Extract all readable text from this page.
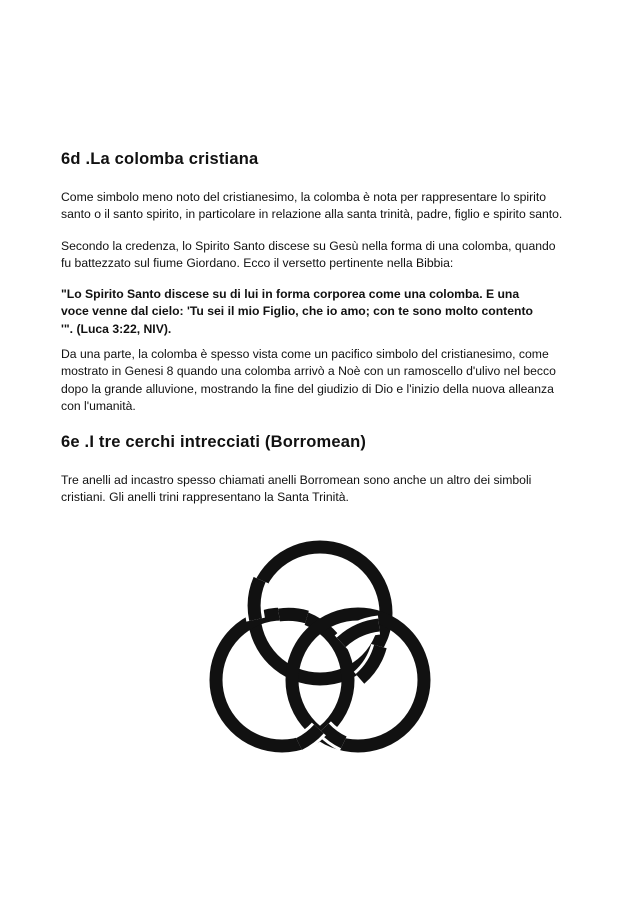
6d .La colomba cristiana

Come simbolo meno noto del cristianesimo, la colomba è nota per rappresentare lo spirito
santo o il santo spirito, in particolare in relazione alla santa trinità, padre, figlio e spirito santo.

Secondo la credenza, lo Spirito Santo discese su Gesù nella forma di una colomba, quando
fu battezzato sul fiume Giordano. Ecco il versetto pertinente nella Bibbia:

"Lo Spirito Santo discese su di lui in forma corporea come una colomba. E una
voce venne dal cielo: 'Tu sei il mio Figlio, che io amo; con te sono molto contento
'". (Luca 3:22, NIV).

Da una parte, la colomba è spesso vista come un pacifico simbolo del cristianesimo, come
mostrato in Genesi 8 quando una colomba arrivò a Noè con un ramoscello d'ulivo nel becco
dopo la grande alluvione, mostrando la fine del giudizio di Dio e l'inizio della nuova alleanza
con l'umanità.

6e .I tre cerchi intrecciati (Borromean)

Tre anelli ad incastro spesso chiamati anelli Borromean sono anche un altro dei simboli
cristiani. Gli anelli trini rappresentano la Santa Trinità.
